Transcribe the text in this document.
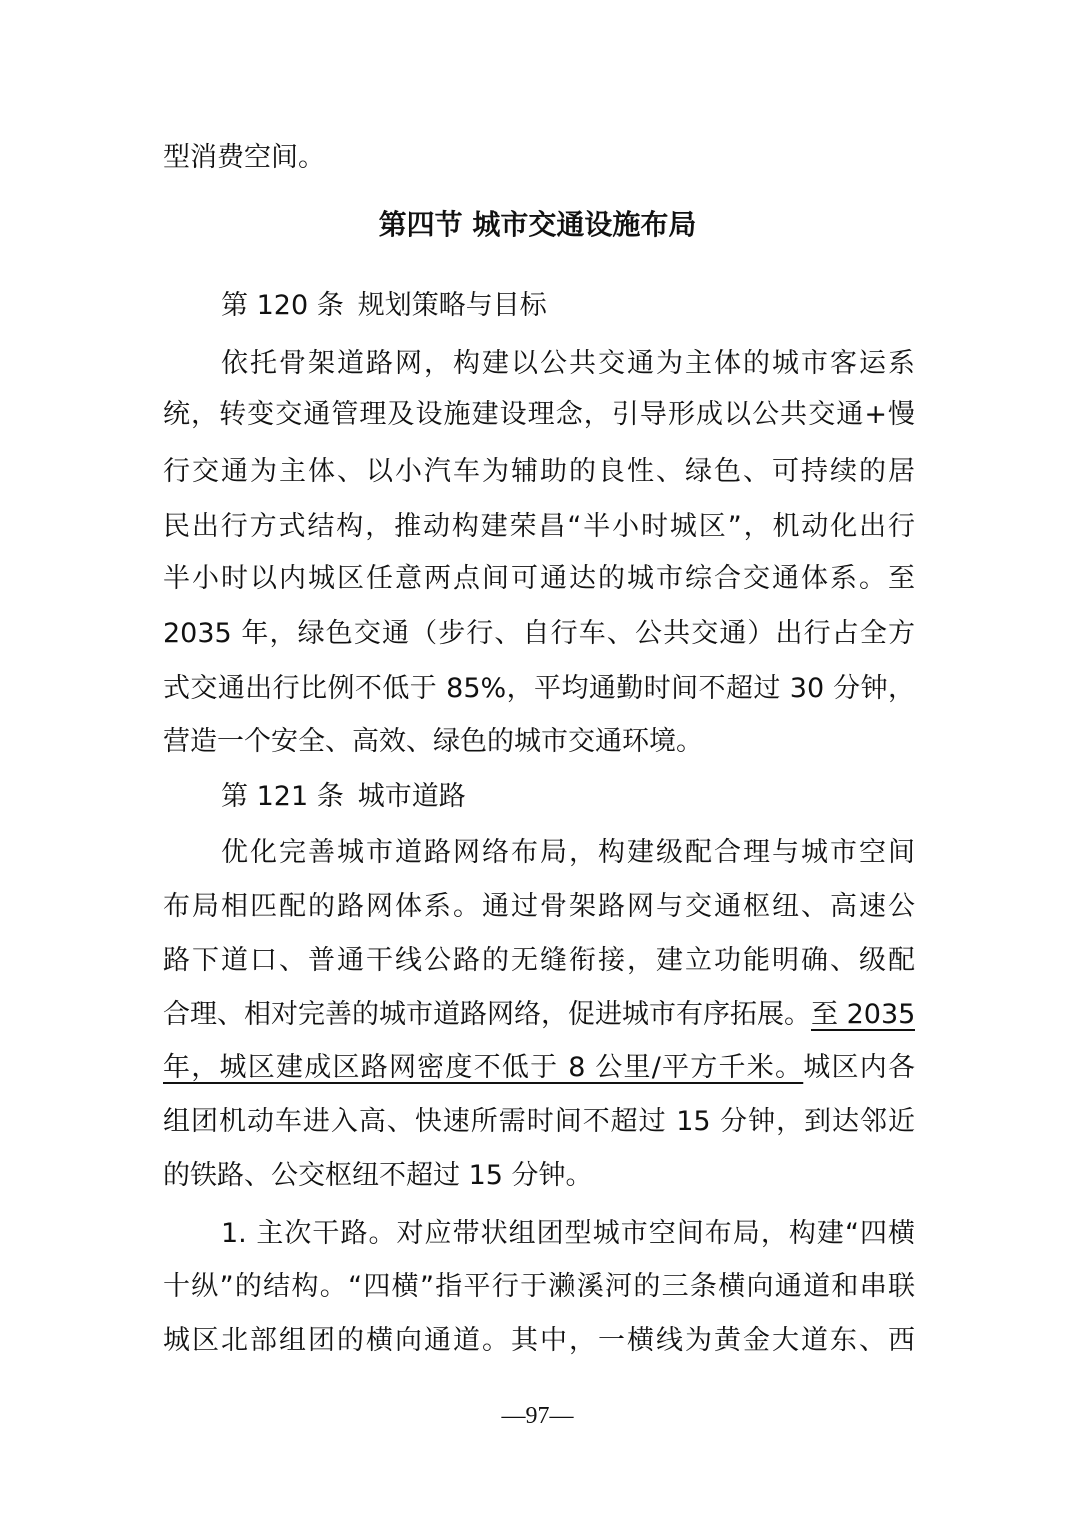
型消费空间。
第四节 城市交通设施布局
第 120 条 规划策略与目标
依托骨架道路网，构建以公共交通为主体的城市客运系
统，转变交通管理及设施建设理念，引导形成以公共交通+慢
行交通为主体、以小汽车为辅助的良性、绿色、可持续的居
民出行方式结构，推动构建荣昌“半小时城区”，机动化出行
半小时以内城区任意两点间可通达的城市综合交通体系。至
2035 年，绿色交通（步行、自行车、公共交通）出行占全方
式交通出行比例不低于 85%，平均通勤时间不超过 30 分钟，
营造一个安全、高效、绿色的城市交通环境。
第 121 条 城市道路
优化完善城市道路网络布局，构建级配合理与城市空间
布局相匹配的路网体系。通过骨架路网与交通枢纽、高速公
路下道口、普通干线公路的无缝衔接，建立功能明确、级配
合理、相对完善的城市道路网络，促进城市有序拓展。至 2035
年，城区建成区路网密度不低于 8 公里/平方千米。城区内各
组团机动车进入高、快速所需时间不超过 15 分钟，到达邻近
的铁路、公交枢纽不超过 15 分钟。
1. 主次干路。对应带状组团型城市空间布局，构建“四横
十纵”的结构。“四横”指平行于濑溪河的三条横向通道和串联
城区北部组团的横向通道。其中，一横线为黄金大道东、西
—97—
